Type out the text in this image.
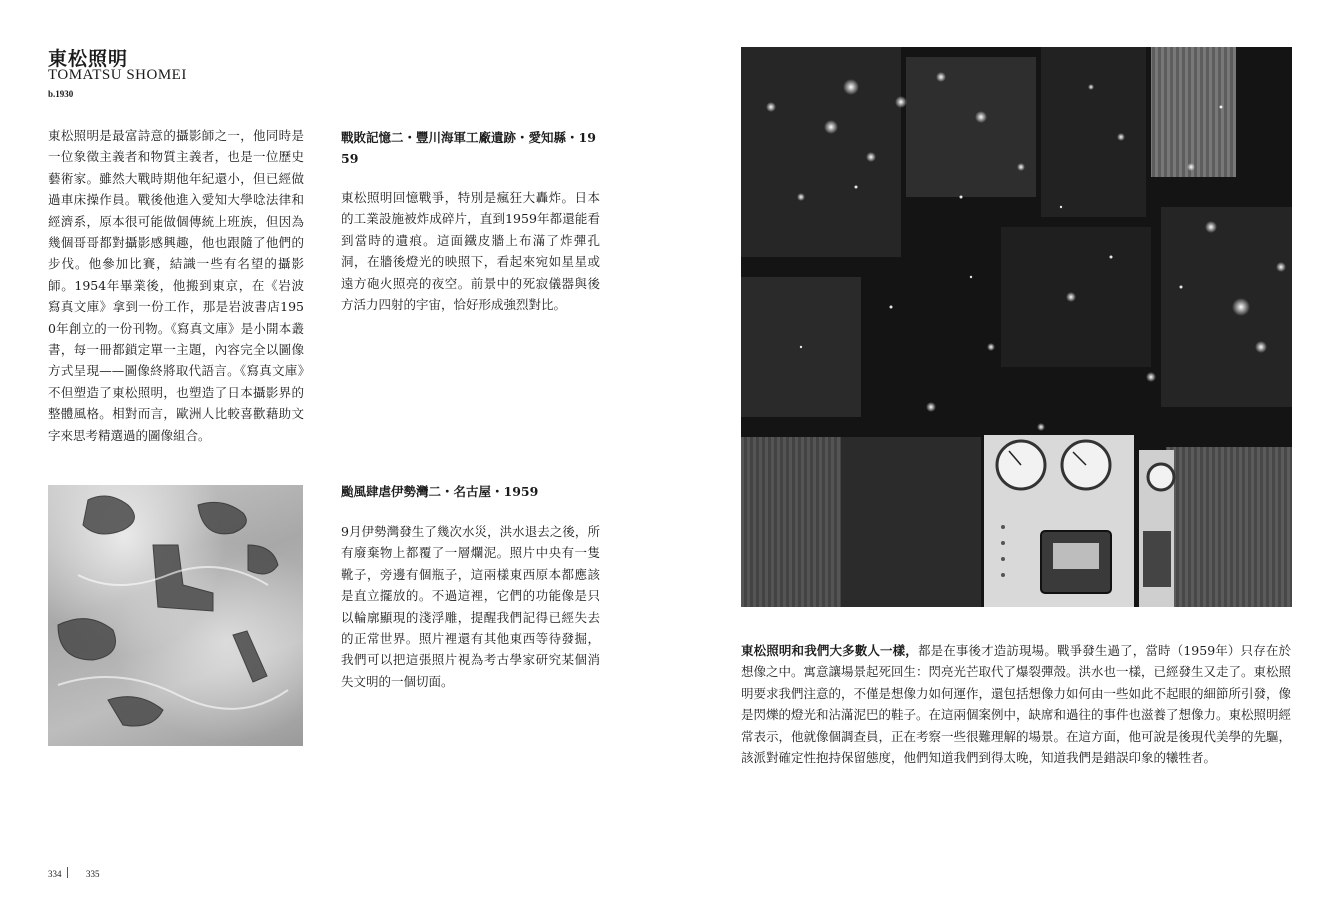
東松照明
TOMATSU SHOMEI
b.1930
東松照明是最富詩意的攝影師之一，他同時是一位象徵主義者和物質主義者，也是一位歷史藝術家。雖然大戰時期他年紀還小，但已經做過車床操作員。戰後他進入愛知大學唸法律和經濟系，原本很可能做個傳統上班族，但因為幾個哥哥都對攝影感興趣，他也跟隨了他們的步伐。他參加比賽，結識一些有名望的攝影師。1954年畢業後，他搬到東京，在《岩波寫真文庫》拿到一份工作，那是岩波書店1950年創立的一份刊物。《寫真文庫》是小開本叢書，每一冊都鎖定單一主題，內容完全以圖像方式呈現——圖像終將取代語言。《寫真文庫》不但塑造了東松照明，也塑造了日本攝影界的整體風格。相對而言，歐洲人比較喜歡藉助文字來思考精選過的圖像組合。
戰敗記憶二・豐川海軍工廠遺跡・愛知縣・1959
東松照明回憶戰爭，特別是瘋狂大轟炸。日本的工業設施被炸成碎片，直到1959年都還能看到當時的遺痕。這面鐵皮牆上布滿了炸彈孔洞，在牆後燈光的映照下，看起來宛如星星或遠方砲火照亮的夜空。前景中的死寂儀器與後方活力四射的宇宙，恰好形成強烈對比。
颱風肆虐伊勢灣二・名古屋・1959
9月伊勢灣發生了幾次水災，洪水退去之後，所有廢棄物上都覆了一層爛泥。照片中央有一隻靴子，旁邊有個瓶子，這兩樣東西原本都應該是直立擺放的。不過這裡，它們的功能像是只以輪廓顯現的淺浮雕，提醒我們記得已經失去的正常世界。照片裡還有其他東西等待發掘，我們可以把這張照片視為考古學家研究某個消失文明的一個切面。
東松照明和我們大多數人一樣，都是在事後才造訪現場。戰爭發生過了，當時（1959年）只存在於想像之中。寓意讓場景起死回生：閃亮光芒取代了爆裂彈殼。洪水也一樣，已經發生又走了。東松照明要求我們注意的，不僅是想像力如何運作，還包括想像力如何由一些如此不起眼的細節所引發，像是閃爍的燈光和沾滿泥巴的鞋子。在這兩個案例中，缺席和過往的事件也滋養了想像力。東松照明經常表示，他就像個調查員，正在考察一些很難理解的場景。在這方面，他可說是後現代美學的先驅，該派對確定性抱持保留態度，他們知道我們到得太晚，知道我們是錯誤印象的犧牲者。
334	335
